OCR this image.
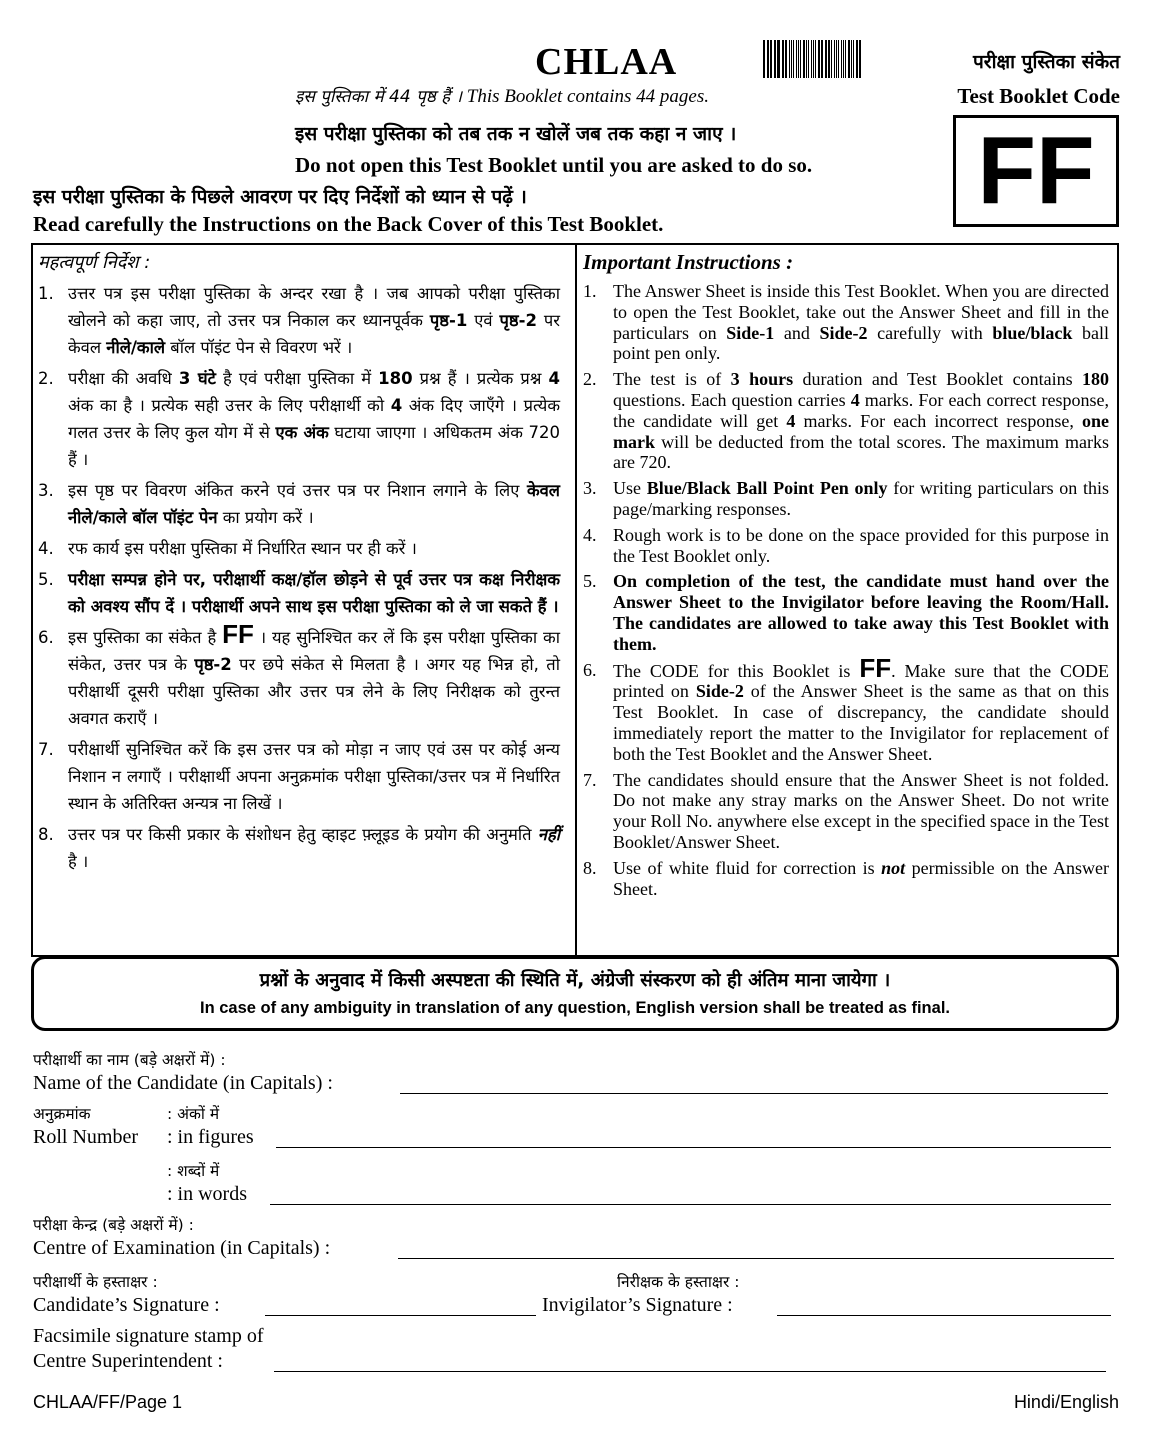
CHLAA	परीक्षा पुस्तिका संकेत
Test Booklet Code
FF
इस पुस्तिका में 44 पृष्ठ हैं । This Booklet contains 44 pages.
इस परीक्षा पुस्तिका को तब तक न खोलें जब तक कहा न जाए ।
Do not open this Test Booklet until you are asked to do so.
इस परीक्षा पुस्तिका के पिछले आवरण पर दिए निर्देशों को ध्यान से पढ़ें ।
Read carefully the Instructions on the Back Cover of this Test Booklet.
महत्वपूर्ण निर्देश :
1. उत्तर पत्र इस परीक्षा पुस्तिका के अन्दर रखा है । जब आपको परीक्षा पुस्तिका खोलने को कहा जाए, तो उत्तर पत्र निकाल कर ध्यानपूर्वक पृष्ठ-1 एवं पृष्ठ-2 पर केवल नीले/काले बॉल पॉइंट पेन से विवरण भरें ।
2. परीक्षा की अवधि 3 घंटे है एवं परीक्षा पुस्तिका में 180 प्रश्न हैं । प्रत्येक प्रश्न 4 अंक का है । प्रत्येक सही उत्तर के लिए परीक्षार्थी को 4 अंक दिए जाएँगे । प्रत्येक गलत उत्तर के लिए कुल योग में से एक अंक घटाया जाएगा । अधिकतम अंक 720 हैं ।
3. इस पृष्ठ पर विवरण अंकित करने एवं उत्तर पत्र पर निशान लगाने के लिए केवल नीले/काले बॉल पॉइंट पेन का प्रयोग करें ।
4. रफ कार्य इस परीक्षा पुस्तिका में निर्धारित स्थान पर ही करें ।
5. परीक्षा सम्पन्न होने पर, परीक्षार्थी कक्ष/हॉल छोड़ने से पूर्व उत्तर पत्र कक्ष निरीक्षक को अवश्य सौंप दें । परीक्षार्थी अपने साथ इस परीक्षा पुस्तिका को ले जा सकते हैं ।
6. इस पुस्तिका का संकेत है FF । यह सुनिश्चित कर लें कि इस परीक्षा पुस्तिका का संकेत, उत्तर पत्र के पृष्ठ-2 पर छपे संकेत से मिलता है । अगर यह भिन्न हो, तो परीक्षार्थी दूसरी परीक्षा पुस्तिका और उत्तर पत्र लेने के लिए निरीक्षक को तुरन्त अवगत कराएँ ।
7. परीक्षार्थी सुनिश्चित करें कि इस उत्तर पत्र को मोड़ा न जाए एवं उस पर कोई अन्य निशान न लगाएँ । परीक्षार्थी अपना अनुक्रमांक परीक्षा पुस्तिका/उत्तर पत्र में निर्धारित स्थान के अतिरिक्त अन्यत्र ना लिखें ।
8. उत्तर पत्र पर किसी प्रकार के संशोधन हेतु व्हाइट फ़्लूइड के प्रयोग की अनुमति नहीं है ।
Important Instructions :
1. The Answer Sheet is inside this Test Booklet. When you are directed to open the Test Booklet, take out the Answer Sheet and fill in the particulars on Side-1 and Side-2 carefully with blue/black ball point pen only.
2. The test is of 3 hours duration and Test Booklet contains 180 questions. Each question carries 4 marks. For each correct response, the candidate will get 4 marks. For each incorrect response, one mark will be deducted from the total scores. The maximum marks are 720.
3. Use Blue/Black Ball Point Pen only for writing particulars on this page/marking responses.
4. Rough work is to be done on the space provided for this purpose in the Test Booklet only.
5. On completion of the test, the candidate must hand over the Answer Sheet to the Invigilator before leaving the Room/Hall. The candidates are allowed to take away this Test Booklet with them.
6. The CODE for this Booklet is FF. Make sure that the CODE printed on Side-2 of the Answer Sheet is the same as that on this Test Booklet. In case of discrepancy, the candidate should immediately report the matter to the Invigilator for replacement of both the Test Booklet and the Answer Sheet.
7. The candidates should ensure that the Answer Sheet is not folded. Do not make any stray marks on the Answer Sheet. Do not write your Roll No. anywhere else except in the specified space in the Test Booklet/Answer Sheet.
8. Use of white fluid for correction is not permissible on the Answer Sheet.
प्रश्नों के अनुवाद में किसी अस्पष्टता की स्थिति में, अंग्रेजी संस्करण को ही अंतिम माना जायेगा ।
In case of any ambiguity in translation of any question, English version shall be treated as final.
परीक्षार्थी का नाम (बड़े अक्षरों में) :
Name of the Candidate (in Capitals) :
अनुक्रमांक	: अंकों में
Roll Number : in figures
: शब्दों में
: in words
परीक्षा केन्द्र (बड़े अक्षरों में) :
Centre of Examination (in Capitals) :
परीक्षार्थी के हस्ताक्षर :	निरीक्षक के हस्ताक्षर :
Candidate’s Signature :	Invigilator’s Signature :
Facsimile signature stamp of
Centre Superintendent :
CHLAA/FF/Page 1	Hindi/English
